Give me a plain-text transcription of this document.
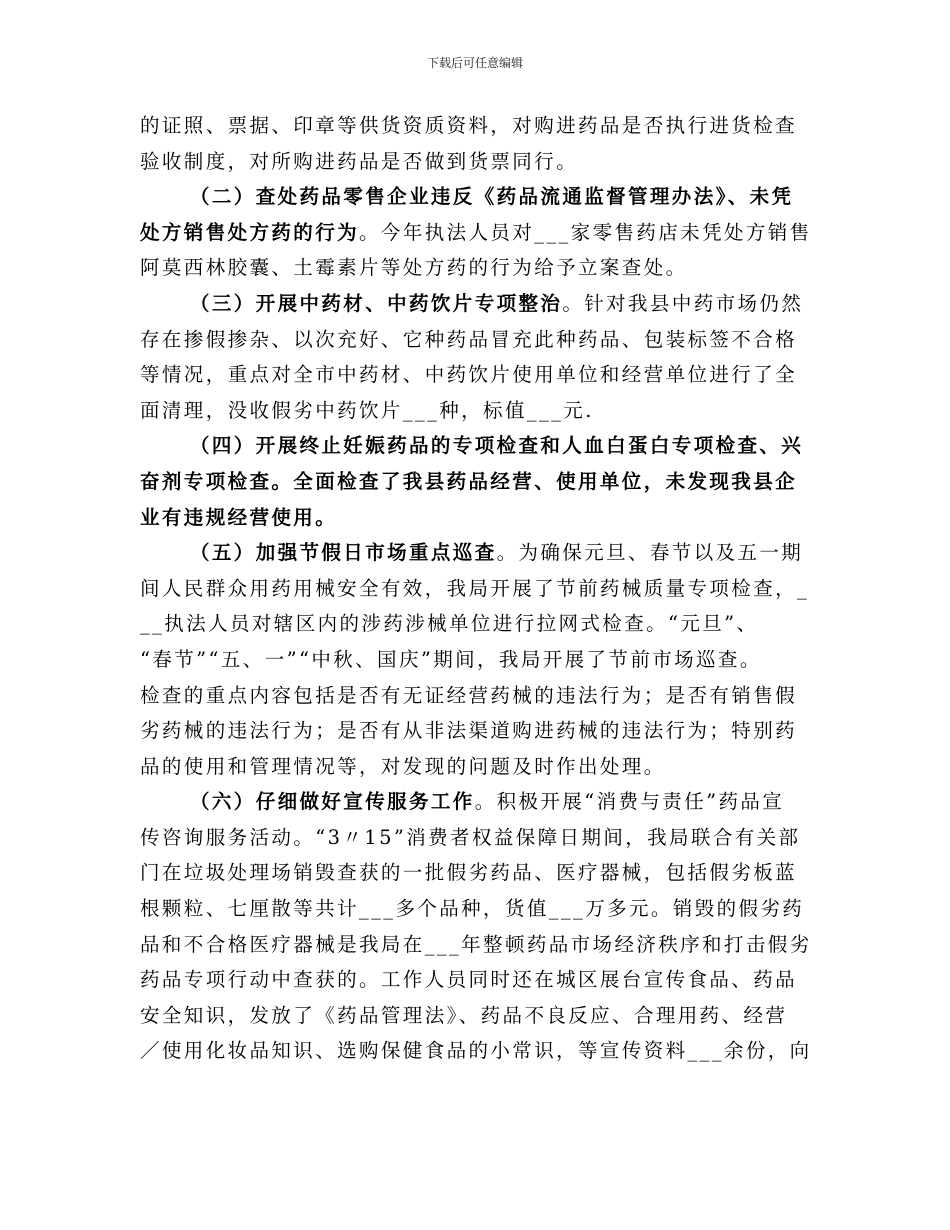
下载后可任意编辑
的证照、票据、印章等供货资质资料，对购进药品是否执行进货检查
验收制度，对所购进药品是否做到货票同行。
（二）查处药品零售企业违反《药品流通监督管理办法》、未凭
处方销售处方药的行为。今年执法人员对___家零售药店未凭处方销售
阿莫西林胶囊、土霉素片等处方药的行为给予立案查处。
（三）开展中药材、中药饮片专项整治。针对我县中药市场仍然
存在掺假掺杂、以次充好、它种药品冒充此种药品、包装标签不合格
等情况，重点对全市中药材、中药饮片使用单位和经营单位进行了全
面清理，没收假劣中药饮片___种，标值___元.
（四）开展终止妊娠药品的专项检查和人血白蛋白专项检查、兴
奋剂专项检查。全面检查了我县药品经营、使用单位，未发现我县企
业有违规经营使用。
（五）加强节假日市场重点巡查。为确保元旦、春节以及五一期
间人民群众用药用械安全有效，我局开展了节前药械质量专项检查，_
__执法人员对辖区内的涉药涉械单位进行拉网式检查。“元旦”、
“春节”“五、一”“中秋、国庆”期间，我局开展了节前市场巡查。
检查的重点内容包括是否有无证经营药械的违法行为；是否有销售假
劣药械的违法行为；是否有从非法渠道购进药械的违法行为；特别药
品的使用和管理情况等，对发现的问题及时作出处理。
（六）仔细做好宣传服务工作。积极开展“消费与责任”药品宣
传咨询服务活动。“3〃15”消费者权益保障日期间，我局联合有关部
门在垃圾处理场销毁查获的一批假劣药品、医疗器械，包括假劣板蓝
根颗粒、七厘散等共计___多个品种，货值___万多元。销毁的假劣药
品和不合格医疗器械是我局在___年整顿药品市场经济秩序和打击假劣
药品专项行动中查获的。工作人员同时还在城区展台宣传食品、药品
安全知识，发放了《药品管理法》、药品不良反应、合理用药、经营
／使用化妆品知识、选购保健食品的小常识，等宣传资料___余份，向
